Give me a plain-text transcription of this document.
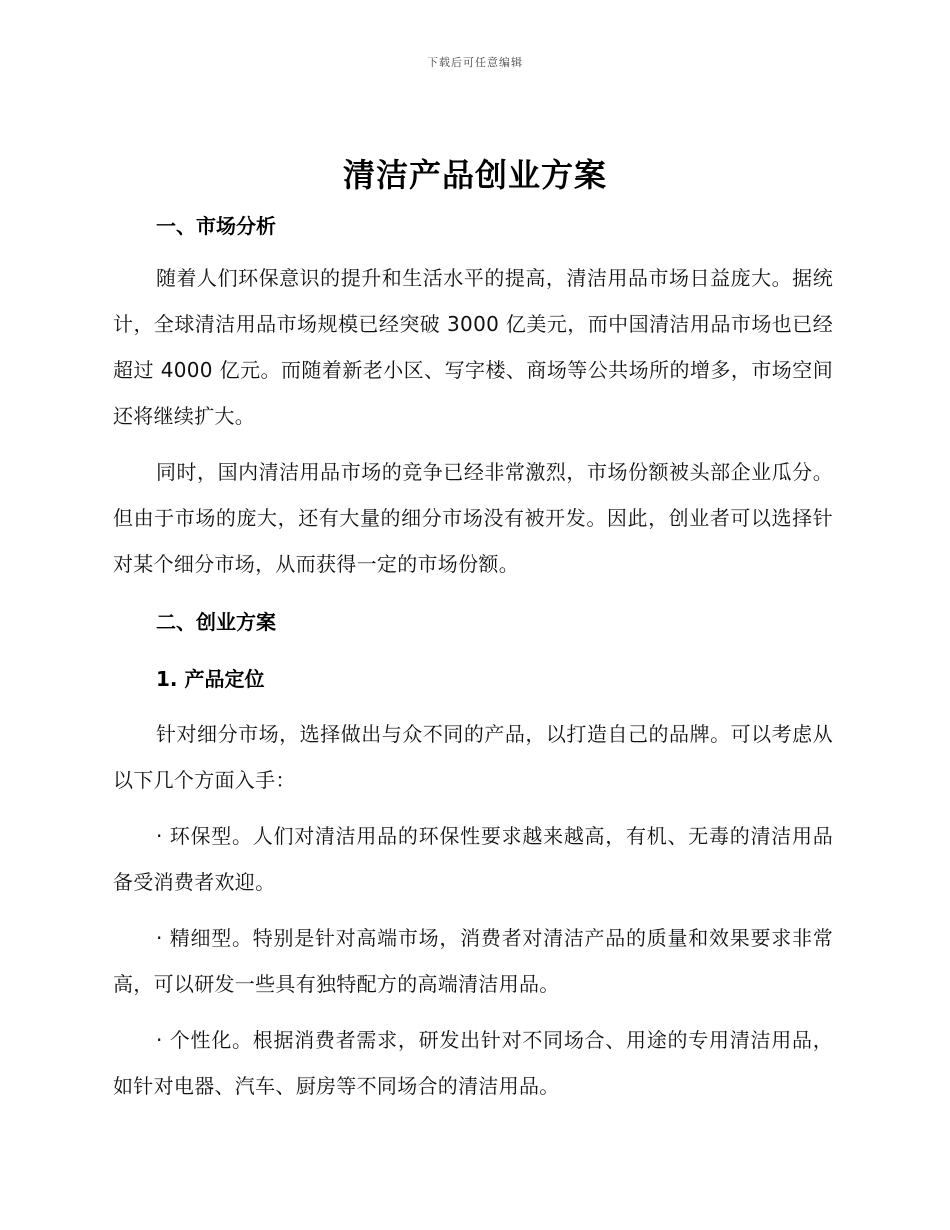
下载后可任意编辑
清洁产品创业方案
一、市场分析
随着人们环保意识的提升和生活水平的提高，清洁用品市场日益庞大。据统计，全球清洁用品市场规模已经突破 3000 亿美元，而中国清洁用品市场也已经超过 4000 亿元。而随着新老小区、写字楼、商场等公共场所的增多，市场空间还将继续扩大。
同时，国内清洁用品市场的竞争已经非常激烈，市场份额被头部企业瓜分。但由于市场的庞大，还有大量的细分市场没有被开发。因此，创业者可以选择针对某个细分市场，从而获得一定的市场份额。
二、创业方案
1. 产品定位
针对细分市场，选择做出与众不同的产品，以打造自己的品牌。可以考虑从以下几个方面入手：
· 环保型。人们对清洁用品的环保性要求越来越高，有机、无毒的清洁用品备受消费者欢迎。
· 精细型。特别是针对高端市场，消费者对清洁产品的质量和效果要求非常高，可以研发一些具有独特配方的高端清洁用品。
· 个性化。根据消费者需求，研发出针对不同场合、用途的专用清洁用品，如针对电器、汽车、厨房等不同场合的清洁用品。
